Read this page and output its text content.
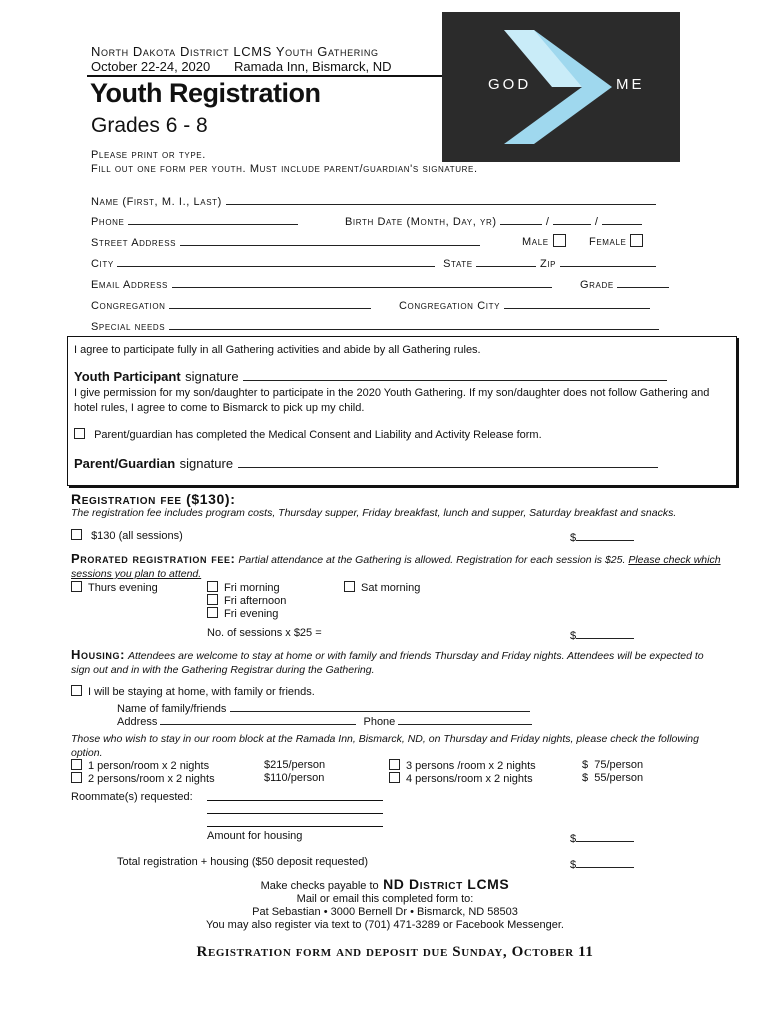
North Dakota District LCMS Youth Gathering
October 22-24, 2020 Ramada Inn, Bismarck, ND
Youth Registration
Grades 6 - 8
Please print or type.
Fill out one form per youth. Must include parent/guardian's signature.
GOD	ME
Name (First, M. I., Last)
Phone	Birth Date (Month, Day, yr)	/	/
Street Address	Male	Female
City	State	Zip
Email Address	Grade
Congregation	Congregation City
Special needs
I agree to participate fully in all Gathering activities and abide by all Gathering rules.
Youth Participant signature
I give permission for my son/daughter to participate in the 2020 Youth Gathering. If my son/daughter does not follow Gathering and hotel rules, I agree to come to Bismarck to pick up my child.
Parent/guardian has completed the Medical Consent and Liability and Activity Release form.
Parent/Guardian signature
Registration fee ($130):
The registration fee includes program costs, Thursday supper, Friday breakfast, lunch and supper, Saturday breakfast and snacks.
$130 (all sessions)	$
Prorated registration fee: Partial attendance at the Gathering is allowed. Registration for each session is $25. Please check which sessions you plan to attend.
Thurs evening	Fri morning
Fri afternoon
Fri evening
Sat morning
No. of sessions x $25 =	$
Housing: Attendees are welcome to stay at home or with family and friends Thursday and Friday nights. Attendees will be expected to sign out and in with the Gathering Registrar during the Gathering.
I will be staying at home, with family or friends.
Name of family/friends
Address	Phone
Those who wish to stay in our room block at the Ramada Inn, Bismarck, ND, on Thursday and Friday nights, please check the following option.
1 person/room x 2 nights	$215/person
2 persons/room x 2 nights	$110/person
3 persons /room x 2 nights	$  75/person
4 persons/room x 2 nights	$  55/person
Roommate(s) requested:
Amount for housing	$
Total registration + housing ($50 deposit requested)	$
Make checks payable to ND District LCMS
Mail or email this completed form to:
Pat Sebastian • 3000 Bernell Dr • Bismarck, ND 58503
You may also register via text to (701) 471-3289 or Facebook Messenger.
Registration form and deposit due Sunday, October 11
